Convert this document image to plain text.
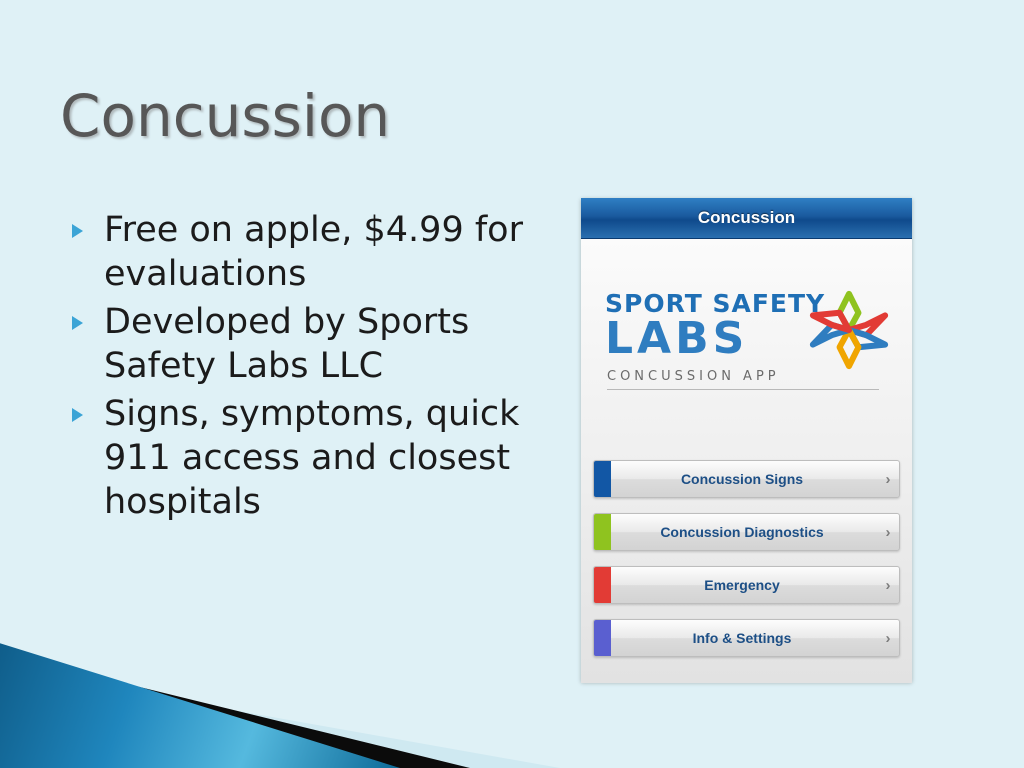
Concussion
Free on apple, $4.99 for evaluations
Developed by Sports Safety Labs LLC
Signs, symptoms, quick 911 access and closest hospitals
Concussion
SPORT SAFETY
LABS
CONCUSSION APP
Concussion Signs	›
Concussion Diagnostics	›
Emergency	›
Info & Settings	›
